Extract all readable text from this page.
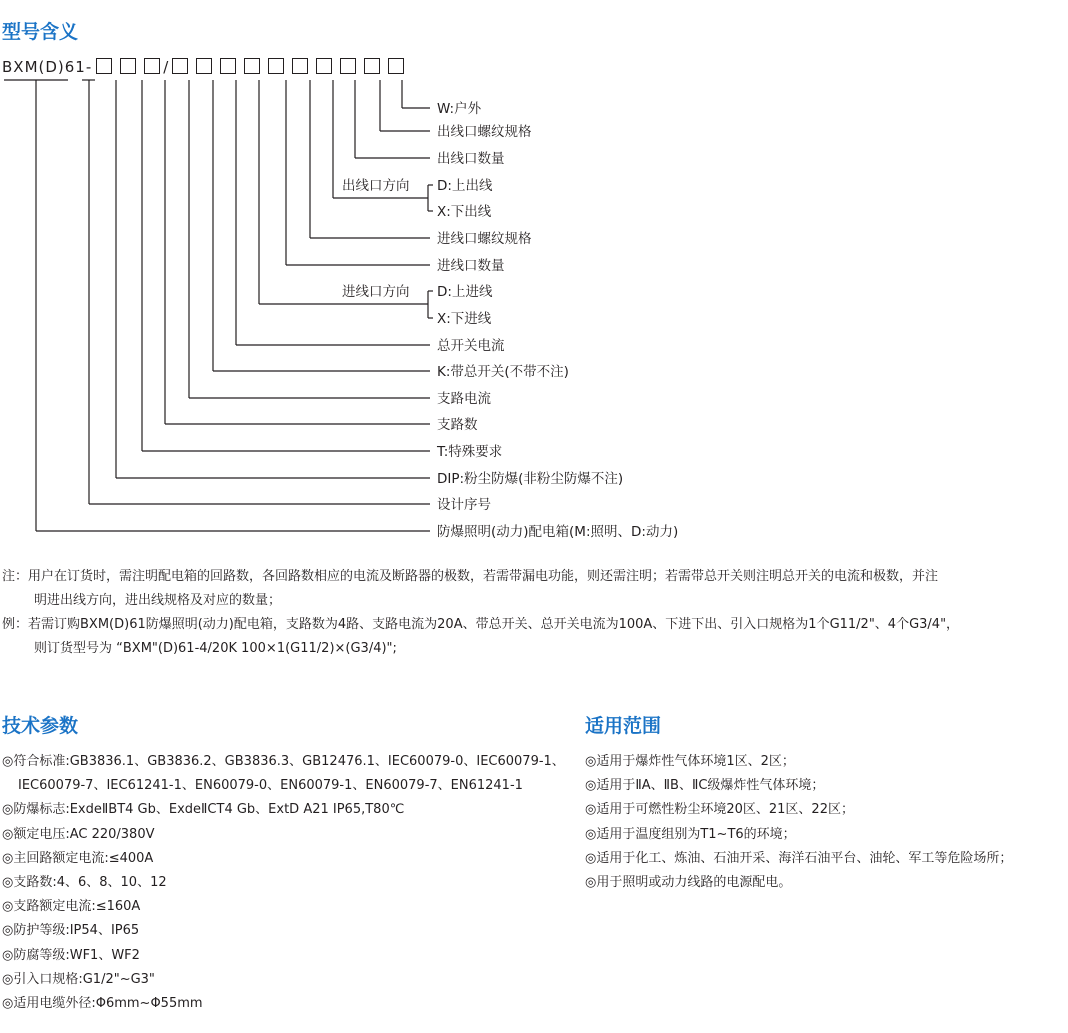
型号含义
BXM(D)61-	/
W:户外
出线口螺纹规格
出线口数量
D:上出线
X:下出线
进线口螺纹规格
进线口数量
D:上进线
X:下进线
总开关电流
K:带总开关(不带不注)
支路电流
支路数
T:特殊要求
DIP:粉尘防爆(非粉尘防爆不注)
设计序号
防爆照明(动力)配电箱(M:照明、D:动力)
出线口方向
进线口方向

注：用户在订货时，需注明配电箱的回路数，各回路数相应的电流及断路器的极数，若需带漏电功能，则还需注明；若需带总开关则注明总开关的电流和极数，并注

明进出线方向，进出线规格及对应的数量；

例：若需订购BXM(D)61防爆照明(动力)配电箱，支路数为4路、支路电流为20A、带总开关、总开关电流为100A、下进下出、引入口规格为1个G11/2"、4个G3/4"，

则订货型号为 “BXM"(D)61-4/20K 100×1(G11/2)×(G3/4)";

技术参数
◎符合标准:GB3836.1、GB3836.2、GB3836.3、GB12476.1、IEC60079-0、IEC60079-1、
IEC60079-7、IEC61241-1、EN60079-0、EN60079-1、EN60079-7、EN61241-1
◎防爆标志:ExdeⅡBT4 Gb、ExdeⅡCT4 Gb、ExtD A21 IP65,T80℃
◎额定电压:AC 220/380V
◎主回路额定电流:≤400A
◎支路数:4、6、8、10、12
◎支路额定电流:≤160A
◎防护等级:IP54、IP65
◎防腐等级:WF1、WF2
◎引入口规格:G1/2"~G3"
◎适用电缆外径:Φ6mm~Φ55mm
适用范围
◎适用于爆炸性气体环境1区、2区；
◎适用于ⅡA、ⅡB、ⅡC级爆炸性气体环境；
◎适用于可燃性粉尘环境20区、21区、22区；
◎适用于温度组别为T1~T6的环境；
◎适用于化工、炼油、石油开采、海洋石油平台、油轮、军工等危险场所；
◎用于照明或动力线路的电源配电。
